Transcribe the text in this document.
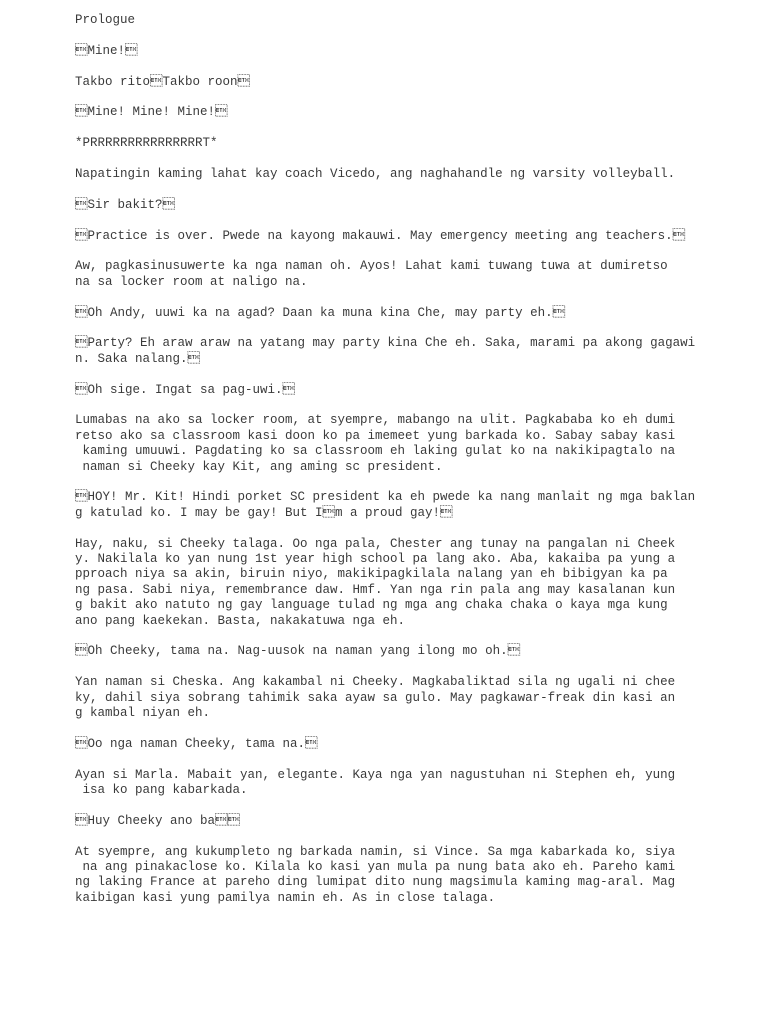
Prologue
Mine!
Takbo ritoTakbo roon
Mine! Mine! Mine!
*PRRRRRRRRRRRRRRRT*
Napatingin kaming lahat kay coach Vicedo, ang naghahandle ng varsity volleyball.
Sir bakit?
Practice is over. Pwede na kayong makauwi. May emergency meeting ang teachers.
Aw, pagkasinusuwerte ka nga naman oh. Ayos! Lahat kami tuwang tuwa at dumiretso
na sa locker room at naligo na.
Oh Andy, uuwi ka na agad? Daan ka muna kina Che, may party eh.
Party? Eh araw araw na yatang may party kina Che eh. Saka, marami pa akong gagawi
n. Saka nalang.
Oh sige. Ingat sa pag-uwi.
Lumabas na ako sa locker room, at syempre, mabango na ulit. Pagkababa ko eh dumi
retso ako sa classroom kasi doon ko pa imemeet yung barkada ko. Sabay sabay kasi
kaming umuuwi. Pagdating ko sa classroom eh laking gulat ko na nakikipagtalo na
naman si Cheeky kay Kit, ang aming sc president.
HOY! Mr. Kit! Hindi porket SC president ka eh pwede ka nang manlait ng mga baklan
g katulad ko. I may be gay! But Im a proud gay!
Hay, naku, si Cheeky talaga. Oo nga pala, Chester ang tunay na pangalan ni Cheek
y. Nakilala ko yan nung 1st year high school pa lang ako. Aba, kakaiba pa yung a
pproach niya sa akin, biruin niyo, makikipagkilala nalang yan eh bibigyan ka pa
ng pasa. Sabi niya, remembrance daw. Hmf. Yan nga rin pala ang may kasalanan kun
g bakit ako natuto ng gay language tulad ng mga ang chaka chaka o kaya mga kung
ano pang kaekekan. Basta, nakakatuwa nga eh.
Oh Cheeky, tama na. Nag-uusok na naman yang ilong mo oh.
Yan naman si Cheska. Ang kakambal ni Cheeky. Magkabaliktad sila ng ugali ni chee
ky, dahil siya sobrang tahimik saka ayaw sa gulo. May pagkawar-freak din kasi an
g kambal niyan eh.
Oo nga naman Cheeky, tama na.
Ayan si Marla. Mabait yan, elegante. Kaya nga yan nagustuhan ni Stephen eh, yung
isa ko pang kabarkada.
Huy Cheeky ano ba
At syempre, ang kukumpleto ng barkada namin, si Vince. Sa mga kabarkada ko, siya
na ang pinakaclose ko. Kilala ko kasi yan mula pa nung bata ako eh. Pareho kami
ng laking France at pareho ding lumipat dito nung magsimula kaming mag-aral. Mag
kaibigan kasi yung pamilya namin eh. As in close talaga.
